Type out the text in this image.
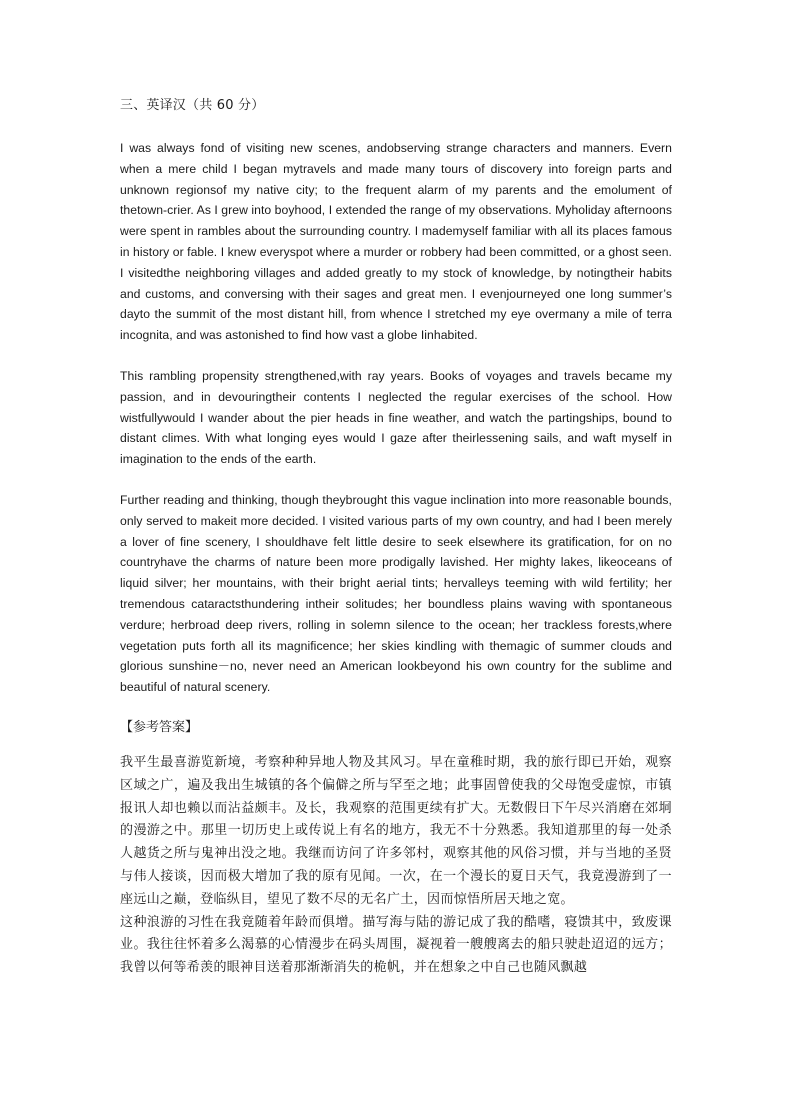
三、英译汉（共 60 分）

I was always fond of visiting new scenes, andobserving strange characters and manners. Evern when a mere child I began mytravels and made many tours of discovery into foreign parts and unknown regionsof my native city; to the frequent alarm of my parents and the emolument of thetown-crier. As I grew into boyhood, I extended the range of my observations. Myholiday afternoons were spent in rambles about the surrounding country. I mademyself familiar with all its places famous in history or fable. I knew everyspot where a murder or robbery had been committed, or a ghost seen. I visitedthe neighboring villages and added greatly to my stock of knowledge, by notingtheir habits and customs, and conversing with their sages and great men. I evenjourneyed one long summer’s dayto the summit of the most distant hill, from whence I stretched my eye overmany a mile of terra incognita, and was astonished to find how vast a globe Iinhabited.

This rambling propensity strengthened,with ray years. Books of voyages and travels became my passion, and in devouringtheir contents I neglected the regular exercises of the school. How wistfullywould I wander about the pier heads in fine weather, and watch the partingships, bound to distant climes. With what longing eyes would I gaze after theirlessening sails, and waft myself in imagination to the ends of the earth.

Further reading and thinking, though theybrought this vague inclination into more reasonable bounds, only served to makeit more decided. I visited various parts of my own country, and had I been merely a lover of fine scenery, I shouldhave felt little desire to seek elsewhere its gratification, for on no countryhave the charms of nature been more prodigally lavished. Her mighty lakes, likeoceans of liquid silver; her mountains, with their bright aerial tints; hervalleys teeming with wild fertility; her tremendous cataractsthundering intheir solitudes; her boundless plains waving with spontaneous verdure; herbroad deep rivers, rolling in solemn silence to the ocean; her trackless forests,where vegetation puts forth all its magnificence; her skies kindling with themagic of summer clouds and glorious sunshine－no, never need an American lookbeyond his own country for the sublime and beautiful of natural scenery.

【参考答案】

我平生最喜游览新境，考察种种异地人物及其风习。早在童稚时期，我的旅行即已开始，观察区域之广，遍及我出生城镇的各个偏僻之所与罕至之地；此事固曾使我的父母饱受虚惊，市镇报讯人却也赖以而沾益颇丰。及长，我观察的范围更续有扩大。无数假日下午尽兴消磨在郊垌的漫游之中。那里一切历史上或传说上有名的地方，我无不十分熟悉。我知道那里的每一处杀人越货之所与鬼神出没之地。我继而访问了许多邻村，观察其他的风俗习惯，并与当地的圣贤与伟人接谈，因而极大增加了我的原有见闻。一次，在一个漫长的夏日天气，我竟漫游到了一座远山之巅，登临纵目，望见了数不尽的无名广土，因而惊悟所居天地之宽。

这种浪游的习性在我竟随着年龄而俱增。描写海与陆的游记成了我的酷嗜，寝馈其中，致废课业。我往往怀着多么渴慕的心情漫步在码头周围，凝视着一艘艘离去的船只驶赴迢迢的远方；我曾以何等希羡的眼神目送着那渐渐消失的桅帆，并在想象之中自己也随风飘越
